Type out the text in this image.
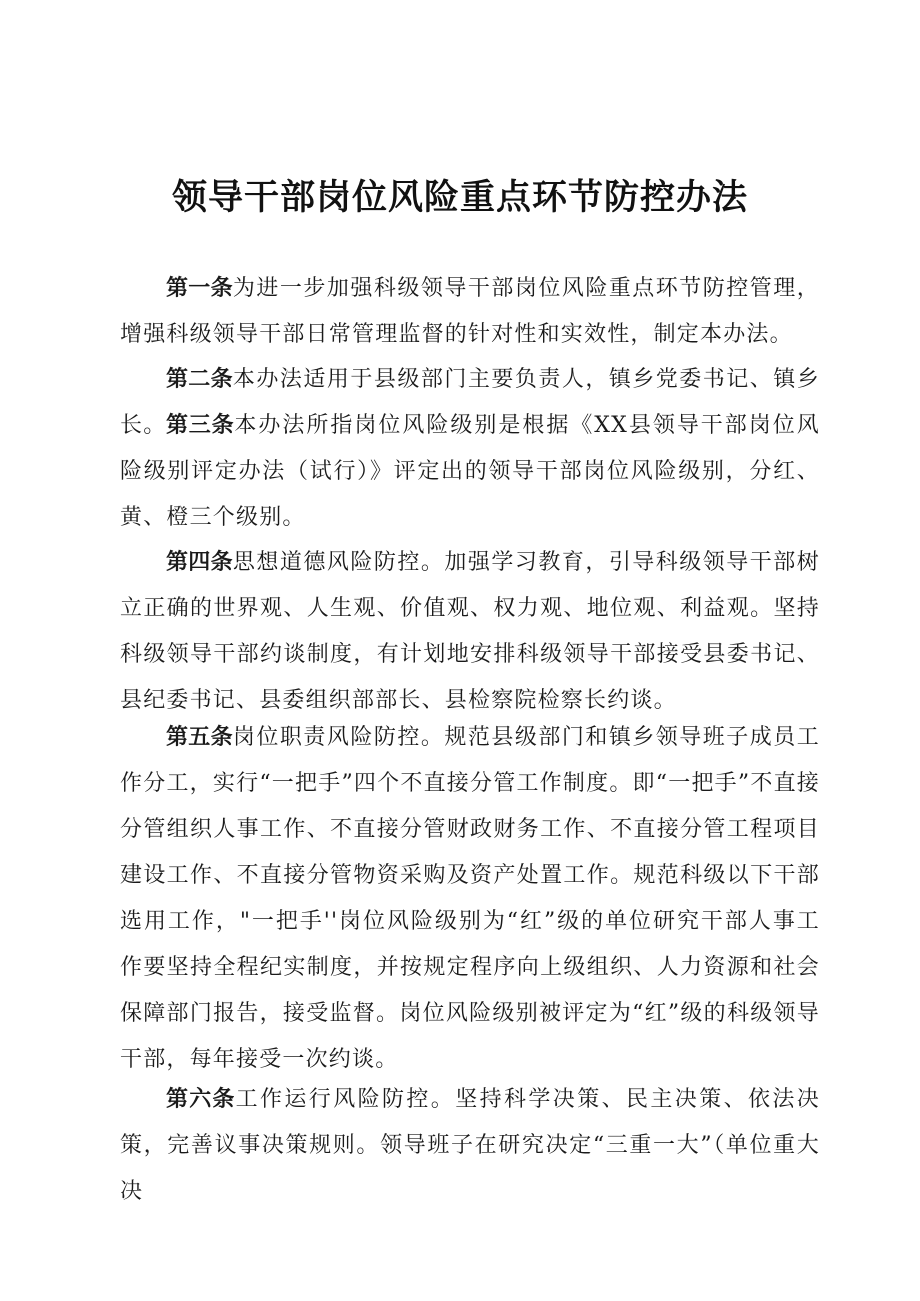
领导干部岗位风险重点环节防控办法

第一条为进一步加强科级领导干部岗位风险重点环节防控管理，增强科级领导干部日常管理监督的针对性和实效性，制定本办法。

第二条本办法适用于县级部门主要负责人，镇乡党委书记、镇乡长。 第三条本办法所指岗位风险级别是根据《XX县领导干部岗位风险级别评定办法（试行）》评定出的领导干部岗位风险级别，分红、黄、橙三个级别。

第四条思想道德风险防控。加强学习教育，引导科级领导干部树立正确的世界观、人生观、价值观、权力观、地位观、利益观。坚持科级领导干部约谈制度，有计划地安排科级领导干部接受县委书记、县纪委书记、县委组织部部长、县检察院检察长约谈。

第五条岗位职责风险防控。规范县级部门和镇乡领导班子成员工作分工，实行“一把手”四个不直接分管工作制度。即“一把手”不直接分管组织人事工作、不直接分管财政财务工作、不直接分管工程项目建设工作、不直接分管物资采购及资产处置工作。规范科级以下干部选用工作，"一把手''岗位风险级别为“红”级的单位研究干部人事工作要坚持全程纪实制度，并按规定程序向上级组织、人力资源和社会保障部门报告，接受监督。岗位风险级别被评定为“红”级的科级领导干部，每年接受一次约谈。

第六条工作运行风险防控。坚持科学决策、民主决策、依法决策，完善议事决策规则。领导班子在研究决定“三重一大”（单位重大决
